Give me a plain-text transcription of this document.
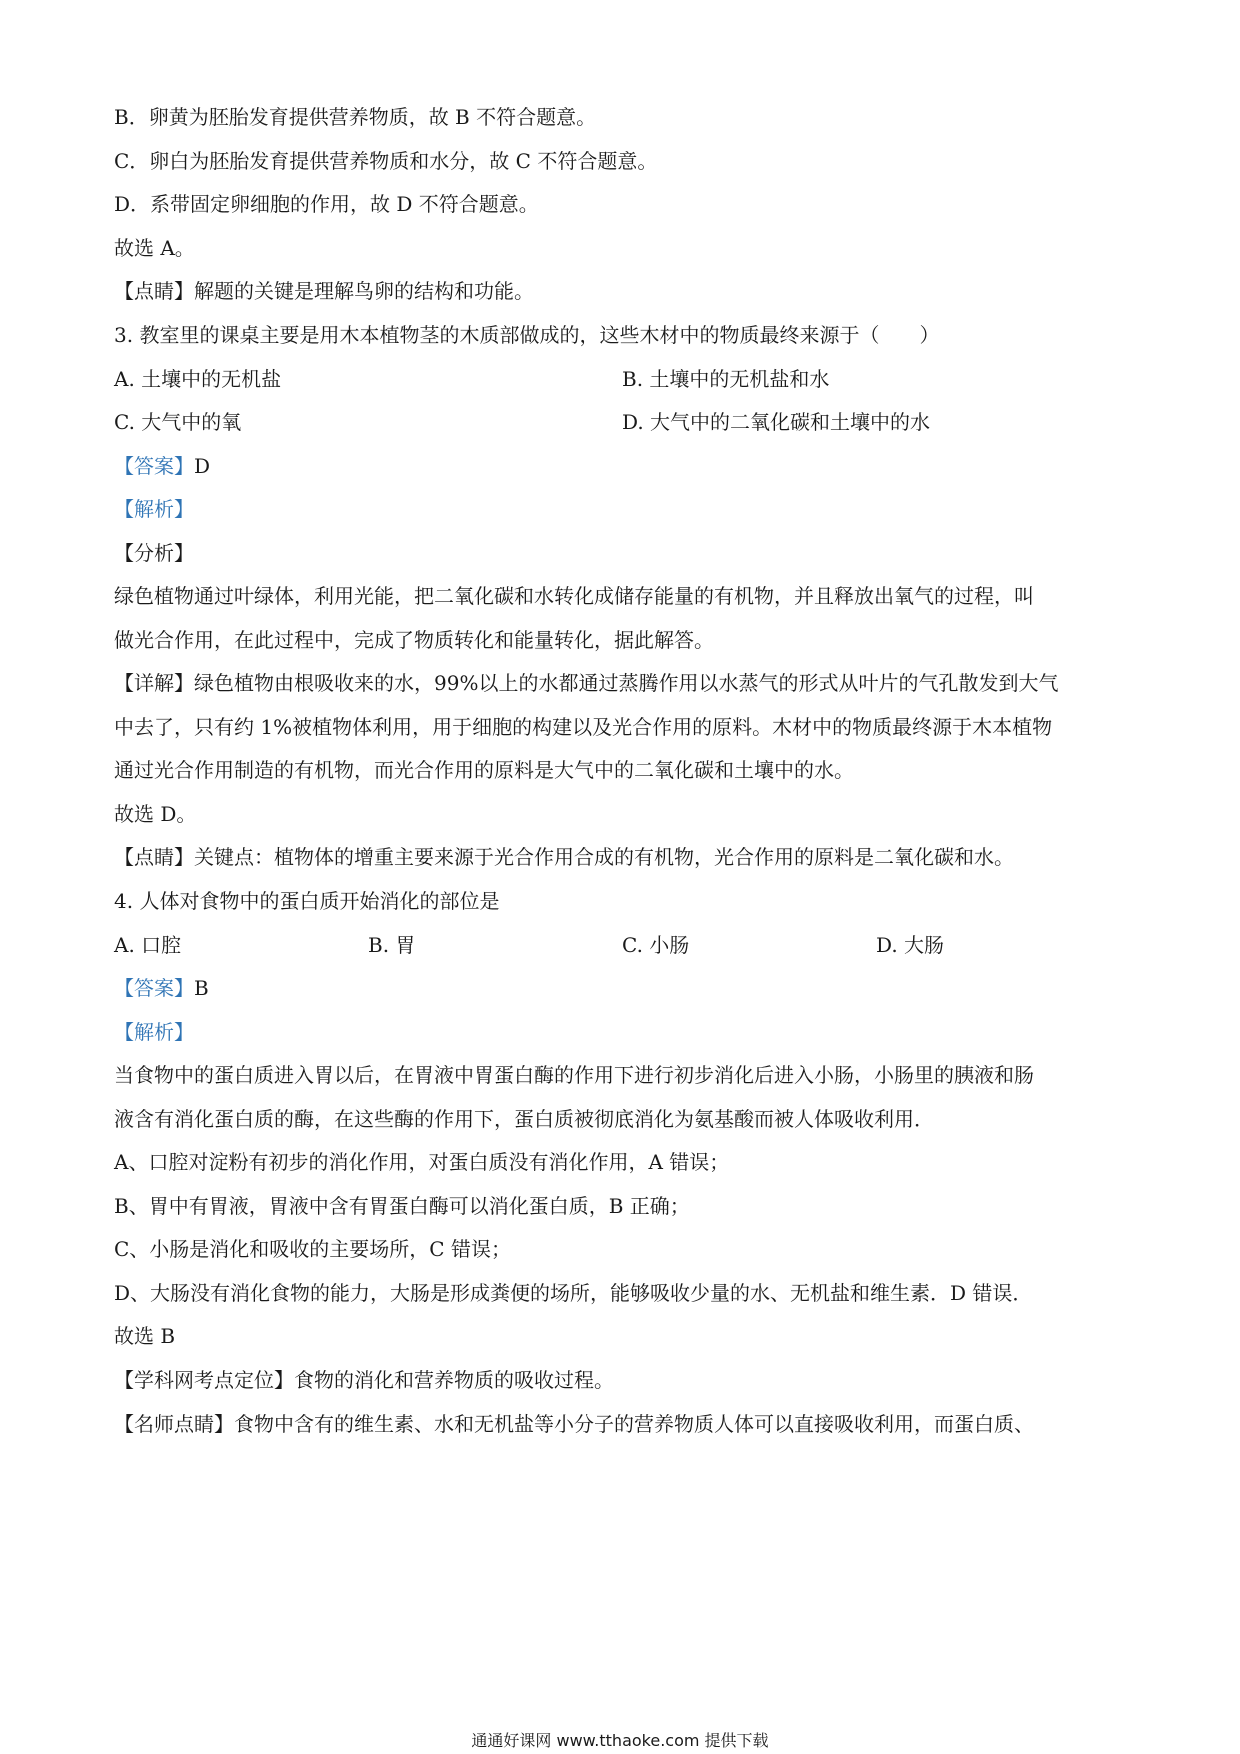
B．卵黄为胚胎发育提供营养物质，故 B 不符合题意。
C．卵白为胚胎发育提供营养物质和水分，故 C 不符合题意。
D．系带固定卵细胞的作用，故 D 不符合题意。
故选 A。
【点睛】解题的关键是理解鸟卵的结构和功能。
3. 教室里的课桌主要是用木本植物茎的木质部做成的，这些木材中的物质最终来源于（　　）
A. 土壤中的无机盐	B. 土壤中的无机盐和水
C. 大气中的氧	D. 大气中的二氧化碳和土壤中的水
【答案】D
【解析】
【分析】
绿色植物通过叶绿体，利用光能，把二氧化碳和水转化成储存能量的有机物，并且释放出氧气的过程，叫
做光合作用，在此过程中，完成了物质转化和能量转化，据此解答。
【详解】绿色植物由根吸收来的水，99%以上的水都通过蒸腾作用以水蒸气的形式从叶片的气孔散发到大气
中去了，只有约 1%被植物体利用，用于细胞的构建以及光合作用的原料。木材中的物质最终源于木本植物
通过光合作用制造的有机物，而光合作用的原料是大气中的二氧化碳和土壤中的水。
故选 D。
【点睛】关键点：植物体的增重主要来源于光合作用合成的有机物，光合作用的原料是二氧化碳和水。
4. 人体对食物中的蛋白质开始消化的部位是
A. 口腔	B. 胃	C. 小肠	D. 大肠
【答案】B
【解析】
当食物中的蛋白质进入胃以后，在胃液中胃蛋白酶的作用下进行初步消化后进入小肠，小肠里的胰液和肠
液含有消化蛋白质的酶，在这些酶的作用下，蛋白质被彻底消化为氨基酸而被人体吸收利用．
A、口腔对淀粉有初步的消化作用，对蛋白质没有消化作用，A 错误；
B、胃中有胃液，胃液中含有胃蛋白酶可以消化蛋白质，B 正确；
C、小肠是消化和吸收的主要场所，C 错误；
D、大肠没有消化食物的能力，大肠是形成粪便的场所，能够吸收少量的水、无机盐和维生素．D 错误．
故选 B
【学科网考点定位】食物的消化和营养物质的吸收过程。
【名师点睛】食物中含有的维生素、水和无机盐等小分子的营养物质人体可以直接吸收利用，而蛋白质、
通通好课网 www.tthaoke.com 提供下载
